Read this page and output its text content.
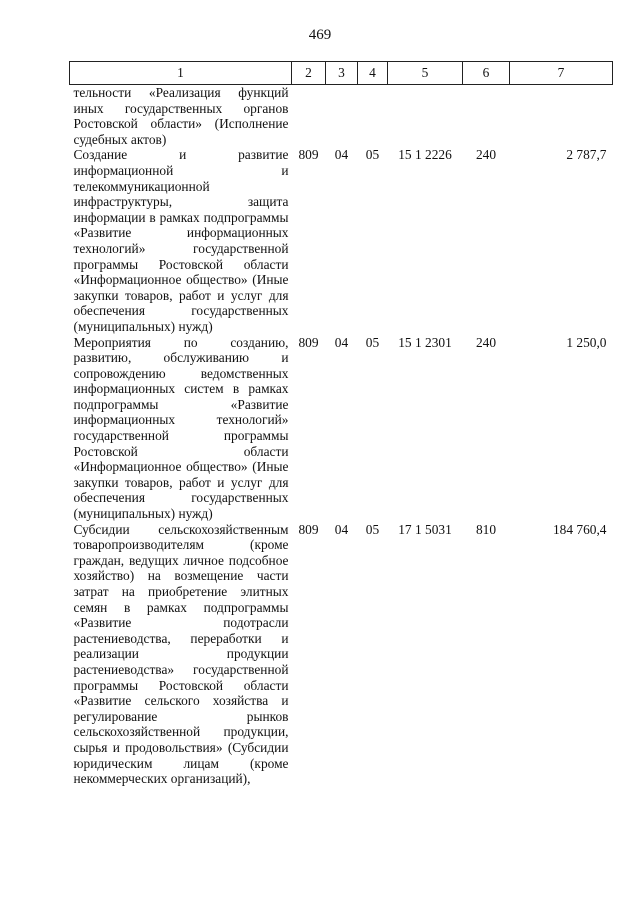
469
1	2	3	4	5	6	7
тельности «Реализация функций иных государственных органов Ростовской области» (Исполнение судебных актов)						
Создание и развитие информационной и телекоммуникационной инфраструктуры, защита информации в рамках подпрограммы «Развитие информационных технологий» государственной программы Ростовской области «Информационное общество» (Иные закупки товаров, работ и услуг для обеспечения государственных (муниципальных) нужд)	809	04	05	15 1 2226	240	2 787,7
Мероприятия по созданию, развитию, обслуживанию и сопровождению ведомственных информационных систем в рамках подпрограммы «Развитие информационных технологий» государственной программы Ростовской области «Информационное общество» (Иные закупки товаров, работ и услуг для обеспечения государственных (муниципальных) нужд)	809	04	05	15 1 2301	240	1 250,0
Субсидии сельскохозяйственным товаропроизводителям (кроме граждан, ведущих личное подсобное хозяйство) на возмещение части затрат на приобретение элитных семян в рамках подпрограммы «Развитие подотрасли растениеводства, переработки и реализации продукции растениеводства» государственной программы Ростовской области «Развитие сельского хозяйства и регулирование рынков сельскохозяйственной продукции, сырья и продовольствия» (Субсидии юридическим лицам (кроме некоммерческих организаций),	809	04	05	17 1 5031	810	184 760,4
